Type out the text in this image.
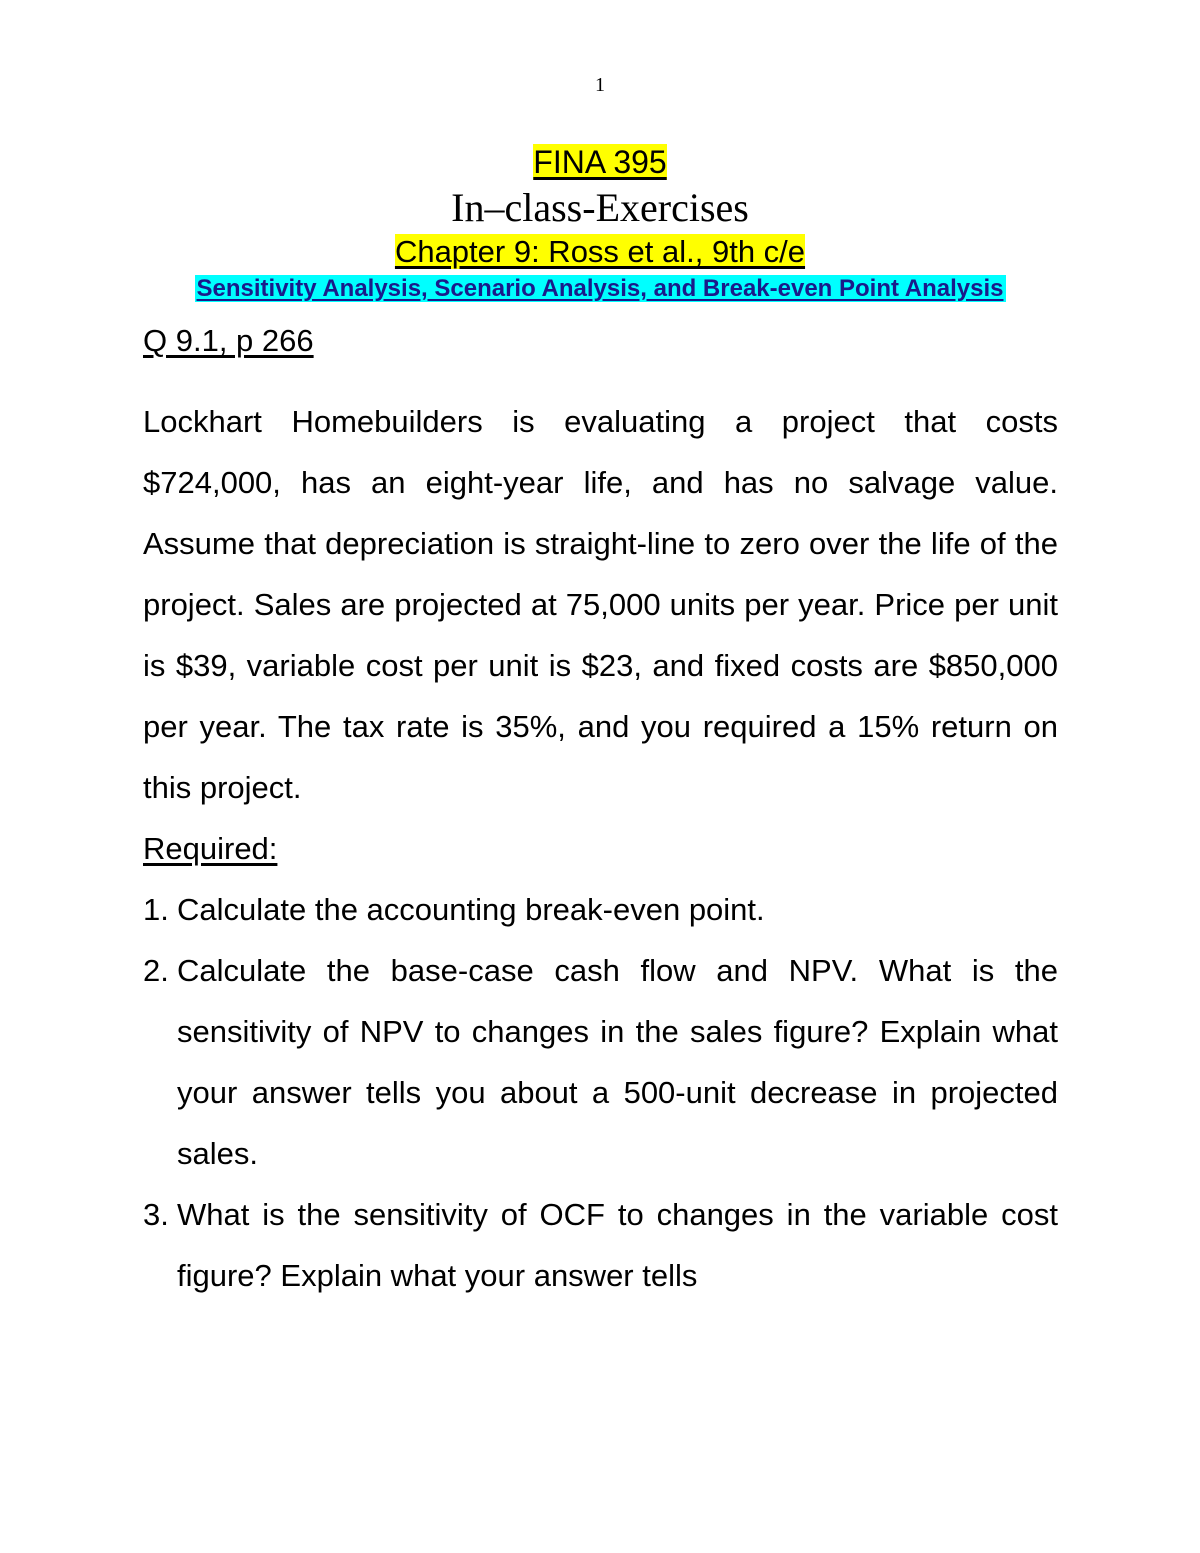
1
FINA 395
In–class-Exercises
Chapter 9: Ross et al., 9th c/e
Sensitivity Analysis, Scenario Analysis, and Break-even Point Analysis
Q 9.1, p 266

Lockhart Homebuilders is evaluating a project that costs $724,000, has an eight-year life, and has no salvage value. Assume that depreciation is straight-line to zero over the life of the project. Sales are projected at 75,000 units per year. Price per unit is $39, variable cost per unit is $23, and fixed costs are $850,000 per year. The tax rate is 35%, and you required a 15% return on this project.

Required:

1. Calculate the accounting break-even point.
2. Calculate the base-case cash flow and NPV. What is the sensitivity of NPV to changes in the sales figure? Explain what your answer tells you about a 500-unit decrease in projected sales.
3. What is the sensitivity of OCF to changes in the variable cost figure? Explain what your answer tells
